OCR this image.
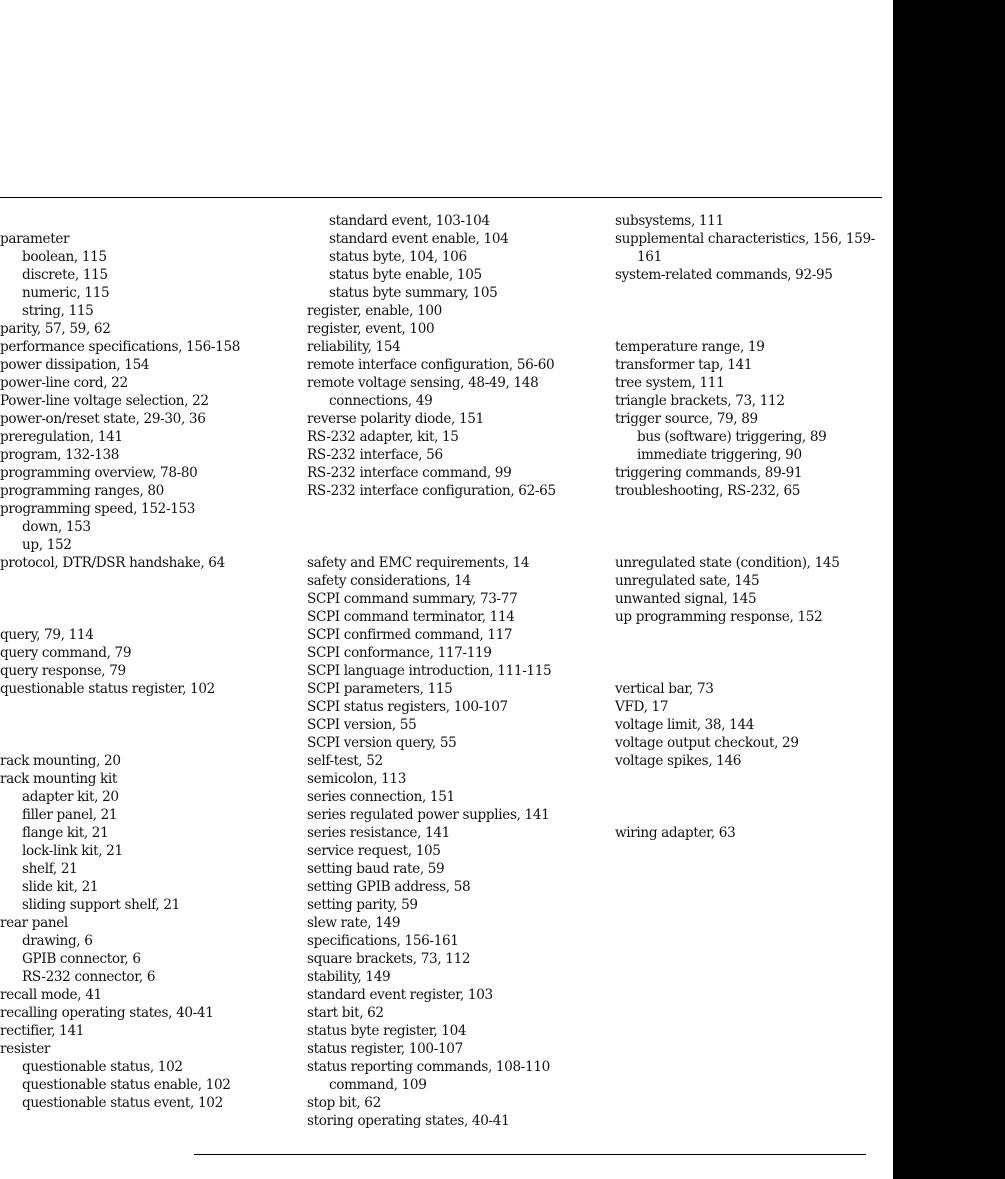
parameter
boolean, 115
discrete, 115
numeric, 115
string, 115
parity, 57, 59, 62
performance specifications, 156-158
power dissipation, 154
power-line cord, 22
Power-line voltage selection, 22
power-on/reset state, 29-30, 36
preregulation, 141
program, 132-138
programming overview, 78-80
programming ranges, 80
programming speed, 152-153
down, 153
up, 152
protocol, DTR/DSR handshake, 64
query, 79, 114
query command, 79
query response, 79
questionable status register, 102
rack mounting, 20
rack mounting kit
adapter kit, 20
filler panel, 21
flange kit, 21
lock-link kit, 21
shelf, 21
slide kit, 21
sliding support shelf, 21
rear panel
drawing, 6
GPIB connector, 6
RS-232 connector, 6
recall mode, 41
recalling operating states, 40-41
rectifier, 141
resister
questionable status, 102
questionable status enable, 102
questionable status event, 102
standard event, 103-104
standard event enable, 104
status byte, 104, 106
status byte enable, 105
status byte summary, 105
register, enable, 100
register, event, 100
reliability, 154
remote interface configuration, 56-60
remote voltage sensing, 48-49, 148
connections, 49
reverse polarity diode, 151
RS-232 adapter, kit, 15
RS-232 interface, 56
RS-232 interface command, 99
RS-232 interface configuration, 62-65
safety and EMC requirements, 14
safety considerations, 14
SCPI command summary, 73-77
SCPI command terminator, 114
SCPI confirmed command, 117
SCPI conformance, 117-119
SCPI language introduction, 111-115
SCPI parameters, 115
SCPI status registers, 100-107
SCPI version, 55
SCPI version query, 55
self-test, 52
semicolon, 113
series connection, 151
series regulated power supplies, 141
series resistance, 141
service request, 105
setting baud rate, 59
setting GPIB address, 58
setting parity, 59
slew rate, 149
specifications, 156-161
square brackets, 73, 112
stability, 149
standard event register, 103
start bit, 62
status byte register, 104
status register, 100-107
status reporting commands, 108-110
command, 109
stop bit, 62
storing operating states, 40-41
subsystems, 111
supplemental characteristics, 156, 159-
161
system-related commands, 92-95
temperature range, 19
transformer tap, 141
tree system, 111
triangle brackets, 73, 112
trigger source, 79, 89
bus (software) triggering, 89
immediate triggering, 90
triggering commands, 89-91
troubleshooting, RS-232, 65
unregulated state (condition), 145
unregulated sate, 145
unwanted signal, 145
up programming response, 152
vertical bar, 73
VFD, 17
voltage limit, 38, 144
voltage output checkout, 29
voltage spikes, 146
wiring adapter, 63
